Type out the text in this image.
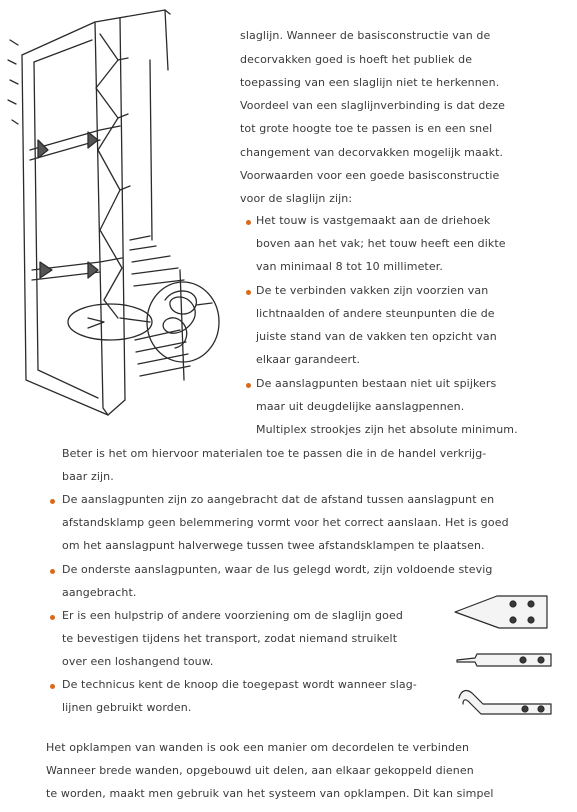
slaglijn. Wanneer de basisconstructie van de
decorvakken goed is hoeft het publiek de
toepassing van een slaglijn niet te herkennen.
Voordeel van een slaglijnverbinding is dat deze
tot grote hoogte toe te passen is en een snel
changement van decorvakken mogelijk maakt.
Voorwaarden voor een goede basisconstructie
voor de slaglijn zijn:
Het touw is vastgemaakt aan de driehoek
boven aan het vak; het touw heeft een dikte
van minimaal 8 tot 10 millimeter.
De te verbinden vakken zijn voorzien van
lichtnaalden of andere steunpunten die de
juiste stand van de vakken ten opzicht van
elkaar garandeert.
De aanslagpunten bestaan niet uit spijkers
maar uit deugdelijke aanslagpennen.
Multiplex strookjes zijn het absolute minimum.
Beter is het om hiervoor materialen toe te passen die in de handel verkrijg-
baar zijn.
De aanslagpunten zijn zo aangebracht dat de afstand tussen aanslagpunt en
afstandsklamp geen belemmering vormt voor het correct aanslaan. Het is goed
om het aanslagpunt halverwege tussen twee afstandsklampen te plaatsen.
De onderste aanslagpunten, waar de lus gelegd wordt, zijn voldoende stevig
aangebracht.
Er is een hulpstrip of andere voorziening om de slaglijn goed
te bevestigen tijdens het transport, zodat niemand struikelt
over een loshangend touw.
De technicus kent de knoop die toegepast wordt wanneer slag-
lijnen gebruikt worden.
Het opklampen van wanden is ook een manier om decordelen te verbinden
Wanneer brede wanden, opgebouwd uit delen, aan elkaar gekoppeld dienen
te worden, maakt men gebruik van het systeem van opklampen. Dit kan simpel
